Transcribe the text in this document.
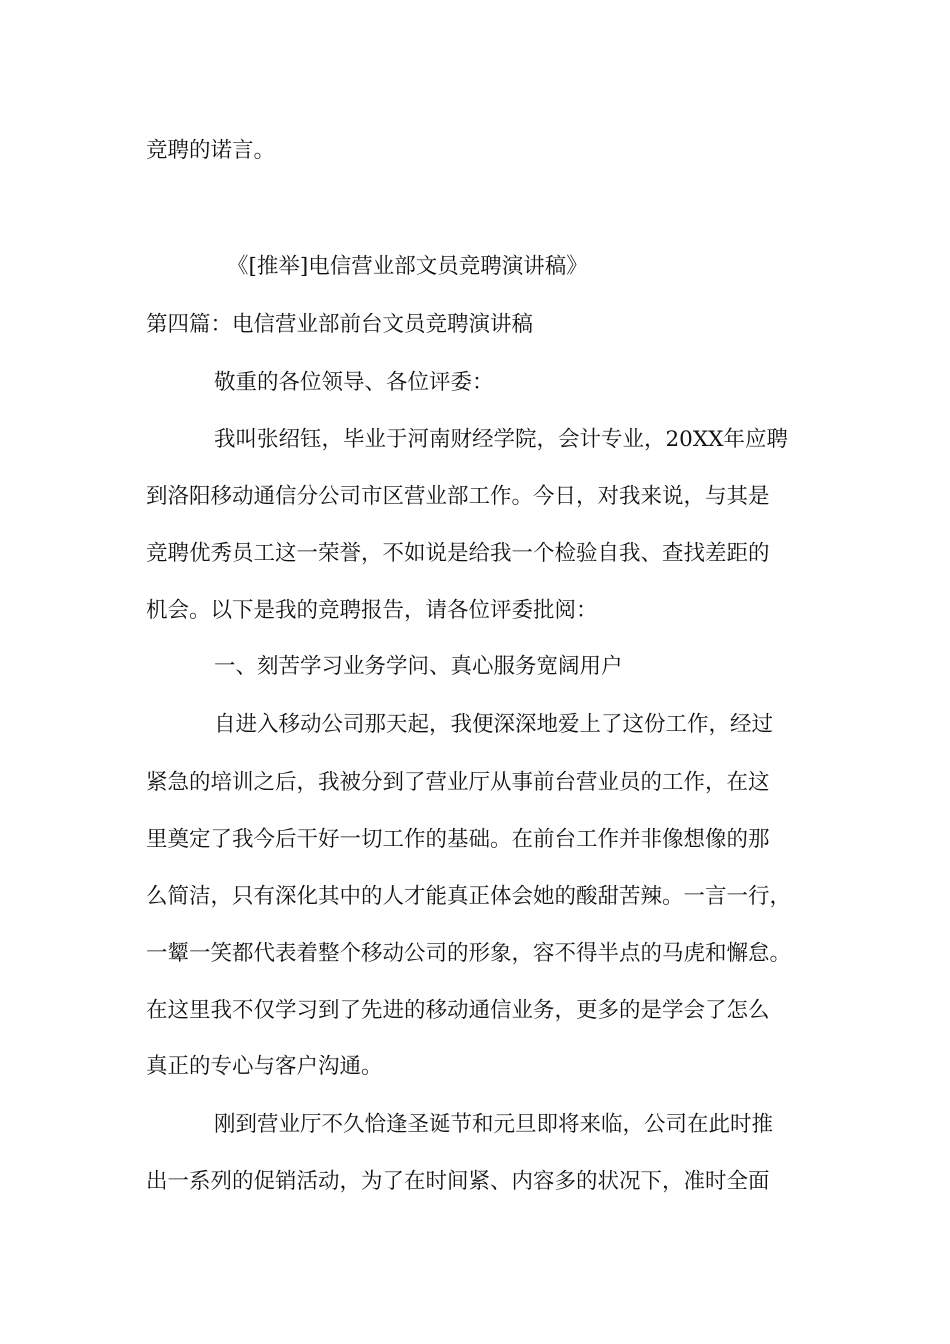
竞聘的诺言。

《[推举]电信营业部文员竞聘演讲稿》

第四篇：电信营业部前台文员竞聘演讲稿

敬重的各位领导、各位评委：

我叫张绍钰，毕业于河南财经学院，会计专业，20XX年应聘

到洛阳移动通信分公司市区营业部工作。今日，对我来说，与其是

竞聘优秀员工这一荣誉，不如说是给我一个检验自我、查找差距的

机会。以下是我的竞聘报告，请各位评委批阅：

一、刻苦学习业务学问、真心服务宽阔用户

自进入移动公司那天起，我便深深地爱上了这份工作，经过

紧急的培训之后，我被分到了营业厅从事前台营业员的工作，在这

里奠定了我今后干好一切工作的基础。在前台工作并非像想像的那

么简洁，只有深化其中的人才能真正体会她的酸甜苦辣。一言一行，

一颦一笑都代表着整个移动公司的形象，容不得半点的马虎和懈怠。

在这里我不仅学习到了先进的移动通信业务，更多的是学会了怎么

真正的专心与客户沟通。

刚到营业厅不久恰逢圣诞节和元旦即将来临，公司在此时推

出一系列的促销活动，为了在时间紧、内容多的状况下，准时全面
